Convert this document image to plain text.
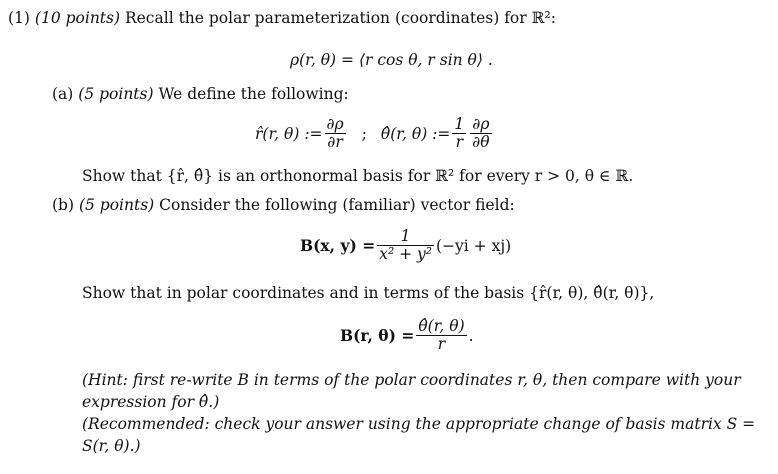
(1) (10 points) Recall the polar parameterization (coordinates) for ℝ²:
ρ(r, θ) = ⟨r cos θ, r sin θ⟩ .
(a) (5 points) We define the following:
r̂(r, θ) := $\frac{\partial\rho}{\partial r}$ ; θ̂(r, θ) := $\frac{1}{r} \frac{\partial\rho}{\partial\theta}$
Show that {r̂, θ̂} is an orthonormal basis for ℝ² for every r > 0, θ ∈ ℝ.
(b) (5 points) Consider the following (familiar) vector field:
B(x, $y) = \frac{1}{\text{x² + y²}} (-yi + xj)$
Show that in polar coordinates and in terms of the basis {r̂(r, θ), θ̂(r, θ)},
B(r, $\theta) = \frac{\thetâ(r, \theta)}{r}$ .
(Hint: first re-write B in terms of the polar coordinates r, θ, then compare with your
expression for θ̂.)
(Recommended: check your answer using the appropriate change of basis matrix S =
S(r, θ).)
